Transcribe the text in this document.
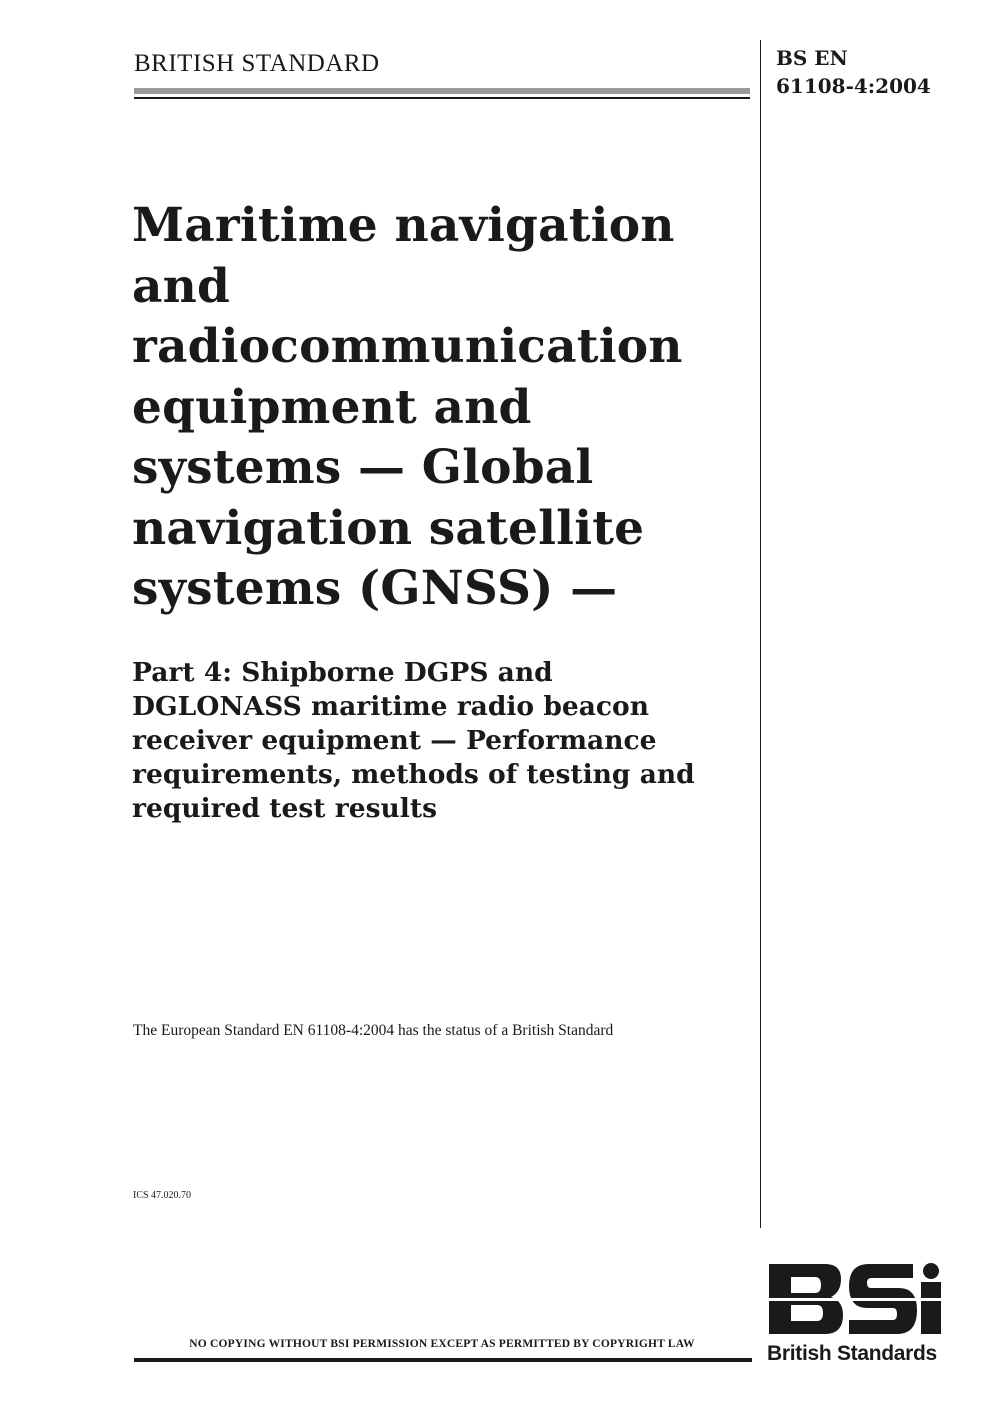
BRITISH STANDARD	BS EN
61108-4:2004
Maritime navigation
and
radiocommunication
equipment and
systems — Global
navigation satellite
systems (GNSS) —
Part 4: Shipborne DGPS and
DGLONASS maritime radio beacon
receiver equipment — Performance
requirements, methods of testing and
required test results
The European Standard EN 61108-4:2004 has the status of a British Standard
ICS 47.020.70
NO COPYING WITHOUT BSI PERMISSION EXCEPT AS PERMITTED BY COPYRIGHT LAW	British Standards
